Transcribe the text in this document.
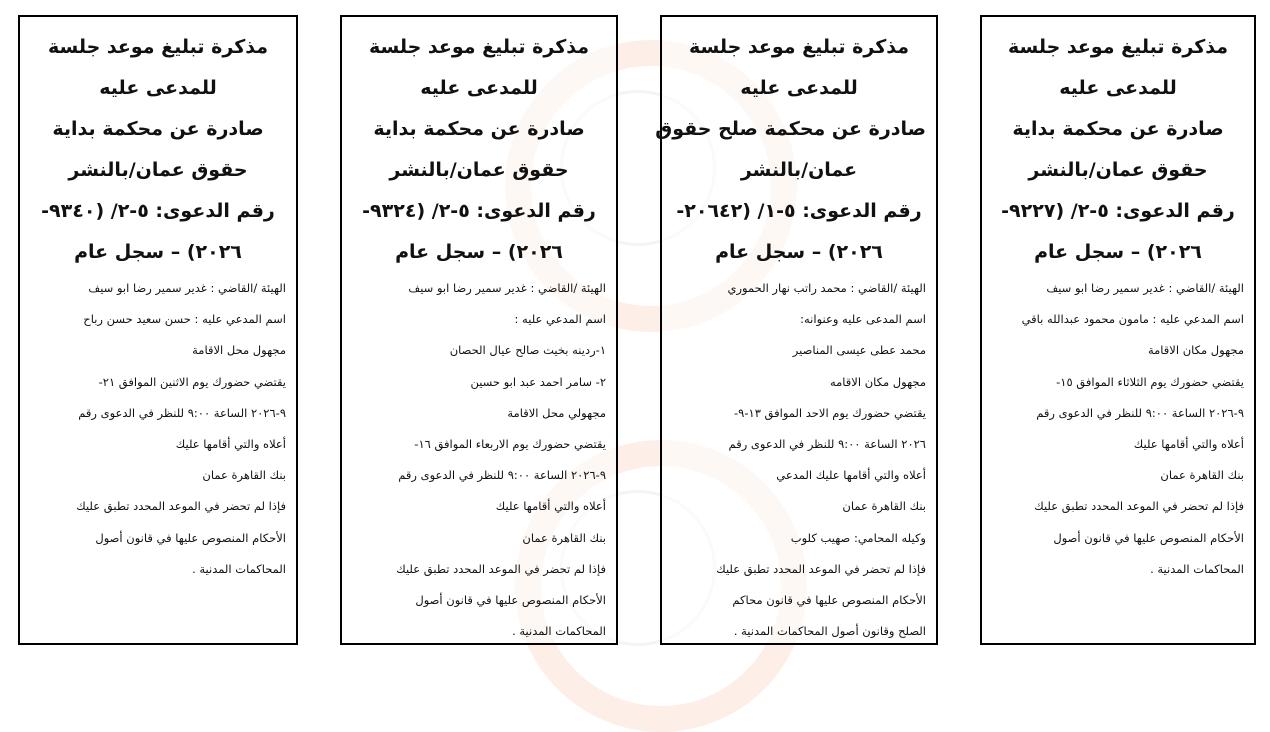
مذكرة تبليغ موعد جلسة

للمدعى عليه

صادرة عن محكمة بداية

حقوق عمان/بالنشر

رقم الدعوى: ٥-٢/ (٩٢٢٧-

٢٠٢٦) – سجل عام

الهيئة /القاضي : غدير سمير رضا ابو سيف

اسم المدعي عليه : مامون محمود عبدالله باقي

مجهول مكان الاقامة

يقتضي حضورك يوم الثلاثاء الموافق ١٥-

٩-٢٠٢٦ الساعة ٩:٠٠ للنظر في الدعوى رقم

أعلاه والتي أقامها عليك

بنك القاهرة عمان

فإذا لم تحضر في الموعد المحدد تطبق عليك

الأحكام المنصوص عليها في قانون أصول

المحاكمات المدنية .

مذكرة تبليغ موعد جلسة

للمدعى عليه

صادرة عن محكمة صلح حقوق

عمان/بالنشر

رقم الدعوى: ٥-١/ (٢٠٦٤٢-

٢٠٢٦) – سجل عام

الهيئة /القاضي : محمد راتب نهار الحموري

اسم المدعى عليه وعنوانه:

محمد عطى عيسى المناصير

مجهول مكان الاقامه

يقتضي حضورك يوم الاحد الموافق ١٣-٩-

٢٠٢٦ الساعة ٩:٠٠ للنظر في الدعوى رقم

أعلاه والتي أقامها عليك المدعي

بنك القاهرة عمان

وكيله المحامي: صهيب كلوب

فإذا لم تحضر في الموعد المحدد تطبق عليك

الأحكام المنصوص عليها في قانون محاكم

الصلح وقانون أصول المحاكمات المدنية .

مذكرة تبليغ موعد جلسة

للمدعى عليه

صادرة عن محكمة بداية

حقوق عمان/بالنشر

رقم الدعوى: ٥-٢/ (٩٣٢٤-

٢٠٢٦) – سجل عام

الهيئة /القاضي : غدير سمير رضا ابو سيف

اسم المدعي عليه :

١-ردينه بخيت صالح عيال الحصان

٢- سامر احمد عبد ابو حسين

مجهولي محل الاقامة

يقتضي حضورك يوم الاربعاء الموافق ١٦-

٩-٢٠٢٦ الساعة ٩:٠٠ للنظر في الدعوى رقم

أعلاه والتي أقامها عليك

بنك القاهرة عمان

فإذا لم تحضر في الموعد المحدد تطبق عليك

الأحكام المنصوص عليها في قانون أصول

المحاكمات المدنية .

مذكرة تبليغ موعد جلسة

للمدعى عليه

صادرة عن محكمة بداية

حقوق عمان/بالنشر

رقم الدعوى: ٥-٢/ (٩٣٤٠-

٢٠٢٦) – سجل عام

الهيئة /القاضي : غدير سمير رضا ابو سيف

اسم المدعي عليه : حسن سعيد حسن رباح

مجهول محل الاقامة

يقتضي حضورك يوم الاثنين الموافق ٢١-

٩-٢٠٢٦ الساعة ٩:٠٠ للنظر في الدعوى رقم

أعلاه والتي أقامها عليك

بنك القاهرة عمان

فإذا لم تحضر في الموعد المحدد تطبق عليك

الأحكام المنصوص عليها في قانون أصول

المحاكمات المدنية .
